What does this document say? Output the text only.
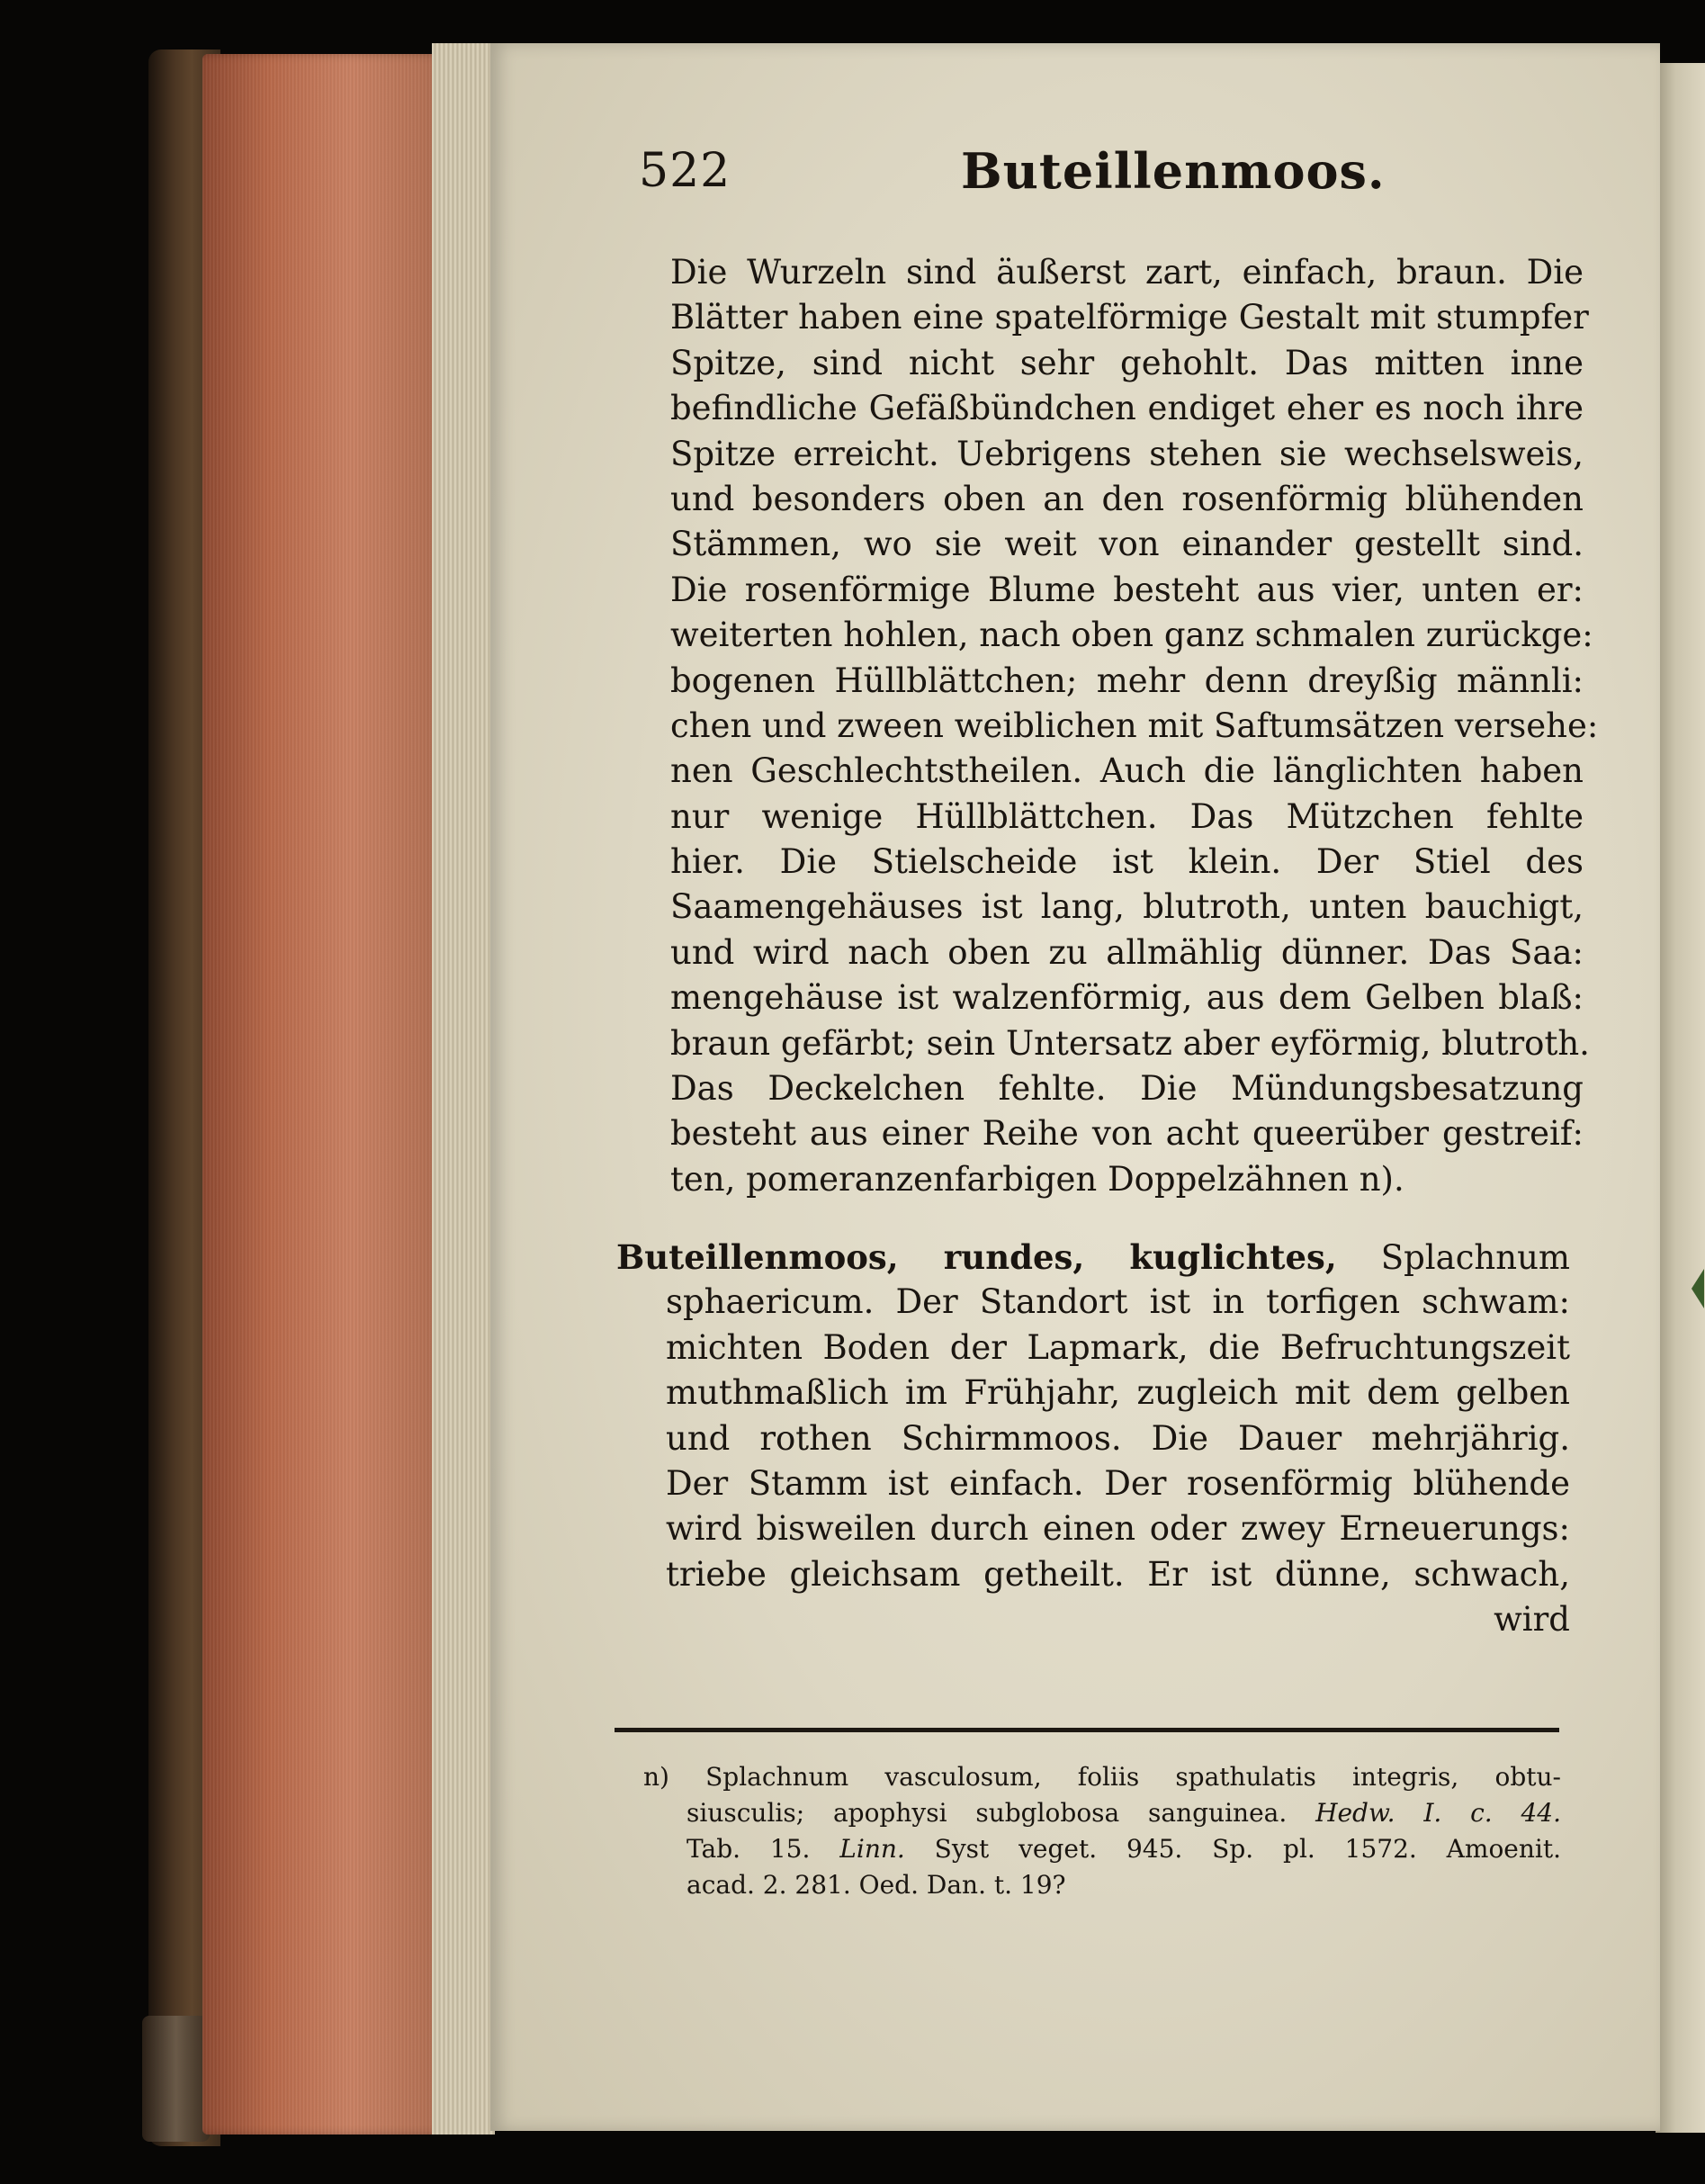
522	Buteillenmoos.
Die Wurzeln sind äußerst zart, einfach, braun. Die
Blätter haben eine spatelförmige Gestalt mit stumpfer
Spitze, sind nicht sehr gehohlt. Das mitten inne
befindliche Gefäßbündchen endiget eher es noch ihre
Spitze erreicht. Uebrigens stehen sie wechselsweis,
und besonders oben an den rosenförmig blühenden
Stämmen, wo sie weit von einander gestellt sind.
Die rosenförmige Blume besteht aus vier, unten er:
weiterten hohlen, nach oben ganz schmalen zurückge:
bogenen Hüllblättchen; mehr denn dreyßig männli:
chen und zween weiblichen mit Saftumsätzen versehe:
nen Geschlechtstheilen. Auch die länglichten haben
nur wenige Hüllblättchen. Das Mützchen fehlte
hier. Die Stielscheide ist klein. Der Stiel des
Saamengehäuses ist lang, blutroth, unten bauchigt,
und wird nach oben zu allmählig dünner. Das Saa:
mengehäuse ist walzenförmig, aus dem Gelben blaß:
braun gefärbt; sein Untersatz aber eyförmig, blutroth.
Das Deckelchen fehlte. Die Mündungsbesatzung
besteht aus einer Reihe von acht queerüber gestreif:
ten, pomeranzenfarbigen Doppelzähnen n).
Buteillenmoos, rundes, kuglichtes, Splachnum
sphaericum. Der Standort ist in torfigen schwam:
michten Boden der Lapmark, die Befruchtungszeit
muthmaßlich im Frühjahr, zugleich mit dem gelben
und rothen Schirmmoos. Die Dauer mehrjährig.
Der Stamm ist einfach. Der rosenförmig blühende
wird bisweilen durch einen oder zwey Erneuerungs:
triebe gleichsam getheilt. Er ist dünne, schwach,
wird
n) Splachnum vasculosum, foliis spathulatis integris, obtu-
siusculis; apophysi subglobosa sanguinea. Hedw. I. c. 44.
Tab. 15. Linn. Syst veget. 945. Sp. pl. 1572. Amoenit.
acad. 2. 281. Oed. Dan. t. 19?
